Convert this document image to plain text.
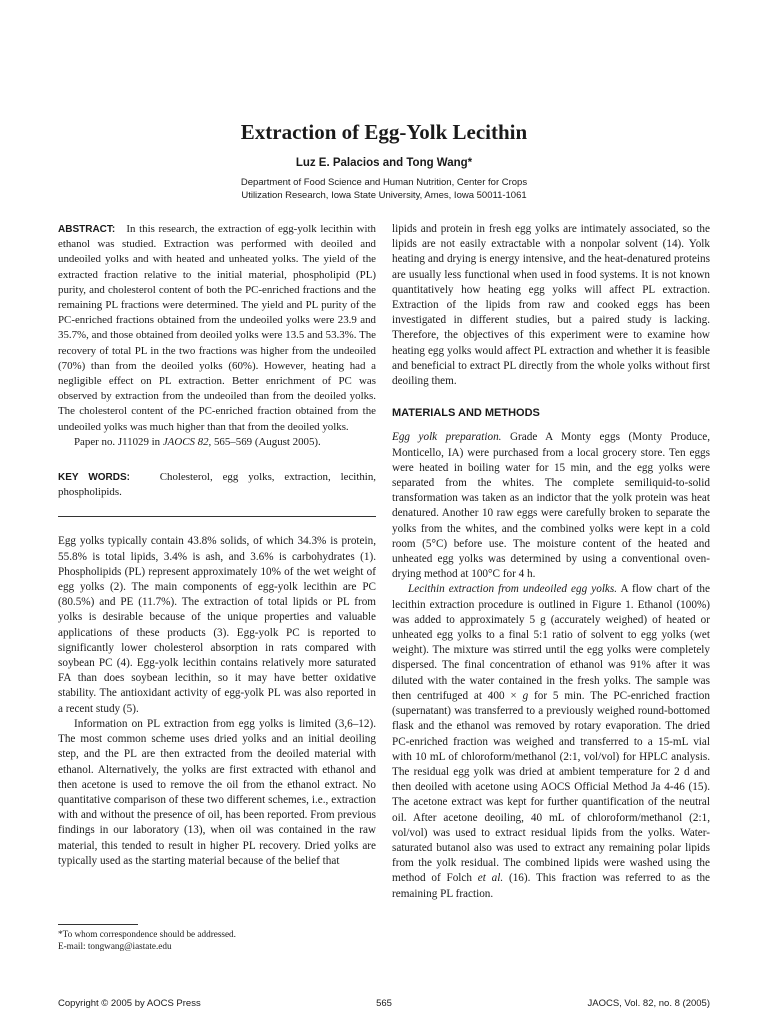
Extraction of Egg-Yolk Lecithin
Luz E. Palacios and Tong Wang*
Department of Food Science and Human Nutrition, Center for Crops
Utilization Research, Iowa State University, Ames, Iowa 50011-1061

ABSTRACT: In this research, the extraction of egg-yolk lecithin with ethanol was studied. Extraction was performed with deoiled and undeoiled yolks and with heated and unheated yolks. The yield of the extracted fraction relative to the initial material, phospholipid (PL) purity, and cholesterol content of both the PC-enriched fractions and the remaining PL fractions were determined. The yield and PL purity of the PC-enriched fractions obtained from the undeoiled yolks were 23.9 and 35.7%, and those obtained from deoiled yolks were 13.5 and 53.3%. The recovery of total PL in the two fractions was higher from the undeoiled (70%) than from the deoiled yolks (60%). However, heating had a negligible effect on PL extraction. Better enrichment of PC was observed by extraction from the undeoiled than from the deoiled yolks. The cholesterol content of the PC-enriched fraction obtained from the undeoiled yolks was much higher than that from the deoiled yolks.

Paper no. J11029 in JAOCS 82, 565–569 (August 2005).

KEY WORDS:	Cholesterol, egg yolks, extraction, lecithin, phospholipids.

Egg yolks typically contain 43.8% solids, of which 34.3% is protein, 55.8% is total lipids, 3.4% is ash, and 3.6% is carbohydrates (1). Phospholipids (PL) represent approximately 10% of the wet weight of egg yolks (2). The main components of egg-yolk lecithin are PC (80.5%) and PE (11.7%). The extraction of total lipids or PL from yolks is desirable because of the unique properties and valuable applications of these products (3). Egg-yolk PC is reported to significantly lower cholesterol absorption in rats compared with soybean PC (4). Egg-yolk lecithin contains relatively more saturated FA than does soybean lecithin, so it may have better oxidative stability. The antioxidant activity of egg-yolk PL was also reported in a recent study (5).

Information on PL extraction from egg yolks is limited (3,6–12). The most common scheme uses dried yolks and an initial deoiling step, and the PL are then extracted from the deoiled material with ethanol. Alternatively, the yolks are first extracted with ethanol and then acetone is used to remove the oil from the ethanol extract. No quantitative comparison of these two different schemes, i.e., extraction with and without the presence of oil, has been reported. From previous findings in our laboratory (13), when oil was contained in the raw material, this tended to result in higher PL recovery. Dried yolks are typically used as the starting material because of the belief that

lipids and protein in fresh egg yolks are intimately associated, so the lipids are not easily extractable with a nonpolar solvent (14). Yolk heating and drying is energy intensive, and the heat-denatured proteins are usually less functional when used in food systems. It is not known quantitatively how heating egg yolks will affect PL extraction. Extraction of the lipids from raw and cooked eggs has been investigated in different studies, but a paired study is lacking. Therefore, the objectives of this experiment were to examine how heating egg yolks would affect PL extraction and whether it is feasible and beneficial to extract PL directly from the whole yolks without first deoiling them.

MATERIALS AND METHODS

Egg yolk preparation. Grade A Monty eggs (Monty Produce, Monticello, IA) were purchased from a local grocery store. Ten eggs were heated in boiling water for 15 min, and the egg yolks were separated from the whites. The complete semiliquid-to-solid transformation was taken as an indictor that the yolk protein was heat denatured. Another 10 raw eggs were carefully broken to separate the yolks from the whites, and the combined yolks were kept in a cold room (5°C) before use. The moisture content of the heated and unheated egg yolks was determined by using a conventional oven-drying method at 100°C for 4 h.

Lecithin extraction from undeoiled egg yolks. A flow chart of the lecithin extraction procedure is outlined in Figure 1. Ethanol (100%) was added to approximately 5 g (accurately weighed) of heated or unheated egg yolks to a final 5:1 ratio of solvent to egg yolks (wet weight). The mixture was stirred until the egg yolks were completely dispersed. The final concentration of ethanol was 91% after it was diluted with the water contained in the fresh yolks. The sample was then centrifuged at 400 × g for 5 min. The PC-enriched fraction (supernatant) was transferred to a previously weighed round-bottomed flask and the ethanol was removed by rotary evaporation. The dried PC-enriched fraction was weighed and transferred to a 15-mL vial with 10 mL of chloroform/methanol (2:1, vol/vol) for HPLC analysis. The residual egg yolk was dried at ambient temperature for 2 d and then deoiled with acetone using AOCS Official Method Ja 4-46 (15). The acetone extract was kept for further quantification of the neutral oil. After acetone deoiling, 40 mL of chloroform/methanol (2:1, vol/vol) was used to extract residual lipids from the yolks. Water-saturated butanol also was used to extract any remaining polar lipids from the yolk residual. The combined lipids were washed using the method of Folch et al. (16). This fraction was referred to as the remaining PL fraction.

*To whom correspondence should be addressed.
E-mail: tongwang@iastate.edu
Copyright © 2005 by AOCS Press	565	JAOCS, Vol. 82, no. 8 (2005)
